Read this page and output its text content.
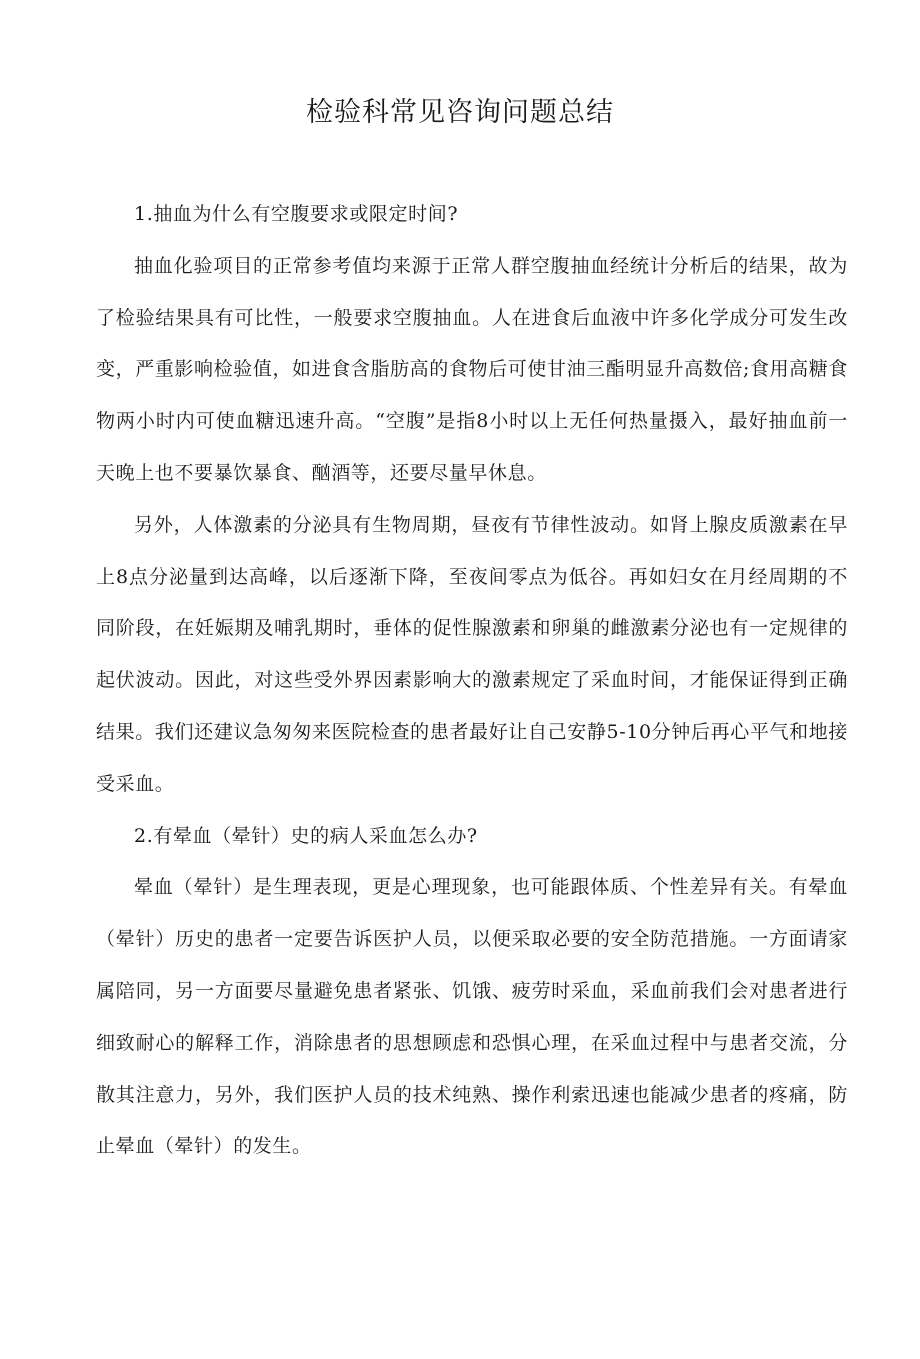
检验科常见咨询问题总结

1.抽血为什么有空腹要求或限定时间?

抽血化验项目的正常参考值均来源于正常人群空腹抽血经统计分析后的结果，故为了检验结果具有可比性，一般要求空腹抽血。人在进食后血液中许多化学成分可发生改变，严重影响检验值，如进食含脂肪高的食物后可使甘油三酯明显升高数倍;食用高糖食物两小时内可使血糖迅速升高。“空腹”是指8小时以上无任何热量摄入，最好抽血前一天晚上也不要暴饮暴食、酗酒等，还要尽量早休息。

另外，人体激素的分泌具有生物周期，昼夜有节律性波动。如肾上腺皮质激素在早上8点分泌量到达高峰，以后逐渐下降，至夜间零点为低谷。再如妇女在月经周期的不同阶段，在妊娠期及哺乳期时，垂体的促性腺激素和卵巢的雌激素分泌也有一定规律的起伏波动。因此，对这些受外界因素影响大的激素规定了采血时间，才能保证得到正确结果。我们还建议急匆匆来医院检查的患者最好让自己安静5-10分钟后再心平气和地接受采血。

2.有晕血（晕针）史的病人采血怎么办?

晕血（晕针）是生理表现，更是心理现象，也可能跟体质、个性差异有关。有晕血（晕针）历史的患者一定要告诉医护人员，以便采取必要的安全防范措施。一方面请家属陪同，另一方面要尽量避免患者紧张、饥饿、疲劳时采血，采血前我们会对患者进行细致耐心的解释工作，消除患者的思想顾虑和恐惧心理，在采血过程中与患者交流，分散其注意力，另外，我们医护人员的技术纯熟、操作利索迅速也能减少患者的疼痛，防止晕血（晕针）的发生。
